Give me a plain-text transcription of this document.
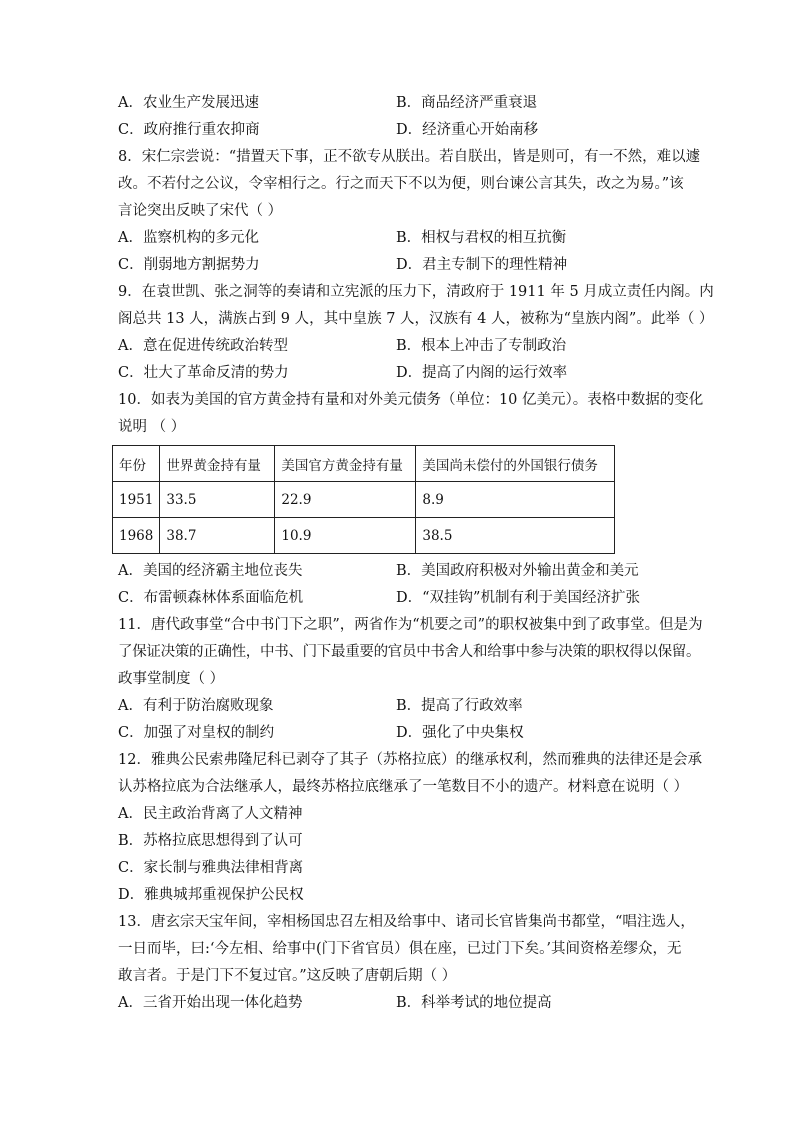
A．农业生产发展迅速	B．商品经济严重衰退
C．政府推行重农抑商	D．经济重心开始南移
8．宋仁宗尝说：“措置天下事，正不欲专从朕出。若自朕出，皆是则可，有一不然，难以遽
改。不若付之公议，令宰相行之。行之而天下不以为便，则台谏公言其失，改之为易。”该
言论突出反映了宋代（ ）
A．监察机构的多元化	B．相权与君权的相互抗衡
C．削弱地方割据势力	D．君主专制下的理性精神
9．在袁世凯、张之洞等的奏请和立宪派的压力下，清政府于 1911 年 5 月成立责任内阁。内
阁总共 13 人，满族占到 9 人，其中皇族 7 人，汉族有 4 人，被称为“皇族内阁”。此举（ ）
A．意在促进传统政治转型	B．根本上冲击了专制政治
C．壮大了革命反清的势力	D．提高了内阁的运行效率
10．如表为美国的官方黄金持有量和对外美元债务（单位：10 亿美元）。表格中数据的变化
说明 （ ）
年份	世界黄金持有量	美国官方黄金持有量	美国尚未偿付的外国银行债务
1951	33.5	22.9	8.9
1968	38.7	10.9	38.5
A．美国的经济霸主地位丧失	B．美国政府积极对外输出黄金和美元
C．布雷顿森林体系面临危机	D．“双挂钩”机制有利于美国经济扩张
11．唐代政事堂“合中书门下之职”，两省作为“机要之司”的职权被集中到了政事堂。但是为
了保证决策的正确性，中书、门下最重要的官员中书舍人和给事中参与决策的职权得以保留。
政事堂制度（ ）
A．有利于防治腐败现象	B．提高了行政效率
C．加强了对皇权的制约	D．强化了中央集权
12．雅典公民索弗隆尼科已剥夺了其子（苏格拉底）的继承权利，然而雅典的法律还是会承
认苏格拉底为合法继承人，最终苏格拉底继承了一笔数目不小的遗产。材料意在说明（ ）
A．民主政治背离了人文精神
B．苏格拉底思想得到了认可
C．家长制与雅典法律相背离
D．雅典城邦重视保护公民权
13．唐玄宗天宝年间，宰相杨国忠召左相及给事中、诸司长官皆集尚书都堂，“唱注选人，
一日而毕，曰:‘今左相、给事中(门下省官员）俱在座，已过门下矣。’其间资格差缪众，无
敢言者。于是门下不复过官。”这反映了唐朝后期（ ）
A．三省开始出现一体化趋势	B．科举考试的地位提高
